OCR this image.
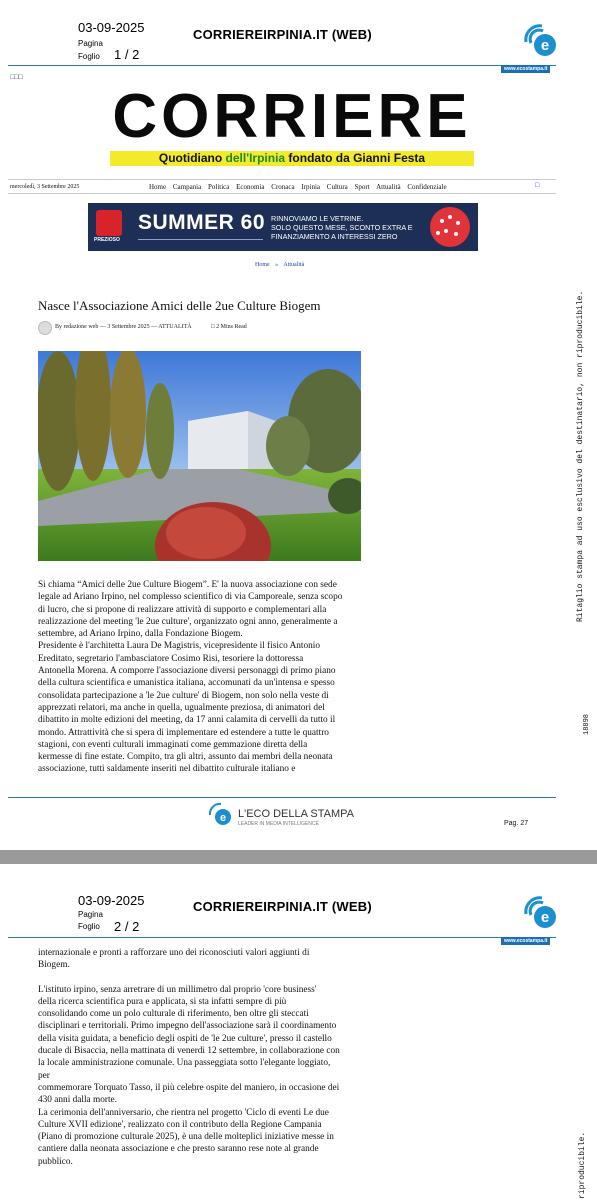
03-09-2025
Pagina
Foglio 1 / 2
CORRIEREIRPINIA.IT (WEB)
e
www.ecostampa.it
□□□
CORRIERE
Quotidiano dell'Irpinia fondato da Gianni Festa
mercoledì, 3 Settembre 2025	Home Campania Politica Economia Cronaca Irpinia Cultura Sport Attualità Confidenziale	□
PREZIOSO
SUMMER 60 RINNOVIAMO LE VETRINE.
SOLO QUESTO MESE, SCONTO EXTRA E
FINANZIAMENTO A INTERESSI ZERO
Home » Attualità
Nasce l'Associazione Amici delle 2ue Culture Biogem
By redazione web — 3 Settembre 2025 — ATTUALITÀ	□ 2 Mins Read

Si chiama “Amici delle 2ue Culture Biogem”. E' la nuova associazione con sede

legale ad Ariano Irpino, nel complesso scientifico di via Camporeale, senza scopo

di lucro, che si propone di realizzare attività di supporto e complementari alla

realizzazione del meeting 'le 2ue culture', organizzato ogni anno, generalmente a

settembre, ad Ariano Irpino, dalla Fondazione Biogem.

Presidente è l'architetta Laura De Magistris, vicepresidente il fisico Antonio

Ereditato, segretario l'ambasciatore Cosimo Risi, tesoriere la dottoressa

Antonella Morena. A comporre l'associazione diversi personaggi di primo piano

della cultura scientifica e umanistica italiana, accomunati da un'intensa e spesso

consolidata partecipazione a 'le 2ue culture' di Biogem, non solo nella veste di

apprezzati relatori, ma anche in quella, ugualmente preziosa, di animatori del

dibattito in molte edizioni del meeting, da 17 anni calamita di cervelli da tutto il

mondo. Attrattività che si spera di implementare ed estendere a tutte le quattro

stagioni, con eventi culturali immaginati come gemmazione diretta della

kermesse di fine estate. Compito, tra gli altri, assunto dai membri della neonata

associazione, tutti saldamente inseriti nel dibattito culturale italiano e

Ritaglio stampa ad uso esclusivo del destinatario, non riproducibile.
18898
e L'ECO DELLA STAMPA
LEADER IN MEDIA INTELLIGENCE	Pag. 27
03-09-2025
Pagina
Foglio 2 / 2
CORRIEREIRPINIA.IT (WEB)
e
www.ecostampa.it

internazionale e pronti a rafforzare uno dei riconosciuti valori aggiunti di

Biogem.

L'istituto irpino, senza arretrare di un millimetro dal proprio 'core business'

della ricerca scientifica pura e applicata, si sta infatti sempre di più

consolidando come un polo culturale di riferimento, ben oltre gli steccati

disciplinari e territoriali. Primo impegno dell'associazione sarà il coordinamento

della visita guidata, a beneficio degli ospiti de 'le 2ue culture', presso il castello

ducale di Bisaccia, nella mattinata di venerdì 12 settembre, in collaborazione con

la locale amministrazione comunale. Una passeggiata sotto l'elegante loggiato,

per

commemorare Torquato Tasso, il più celebre ospite del maniero, in occasione dei

430 anni dalla morte.

La cerimonia dell'anniversario, che rientra nel progetto 'Ciclo di eventi Le due

Culture XVII edizione', realizzato con il contributo della Regione Campania

(Piano di promozione culturale 2025), è una delle molteplici iniziative messe in

cantiere dalla neonata associazione e che presto saranno rese note al grande

pubblico.	riproducibile.
